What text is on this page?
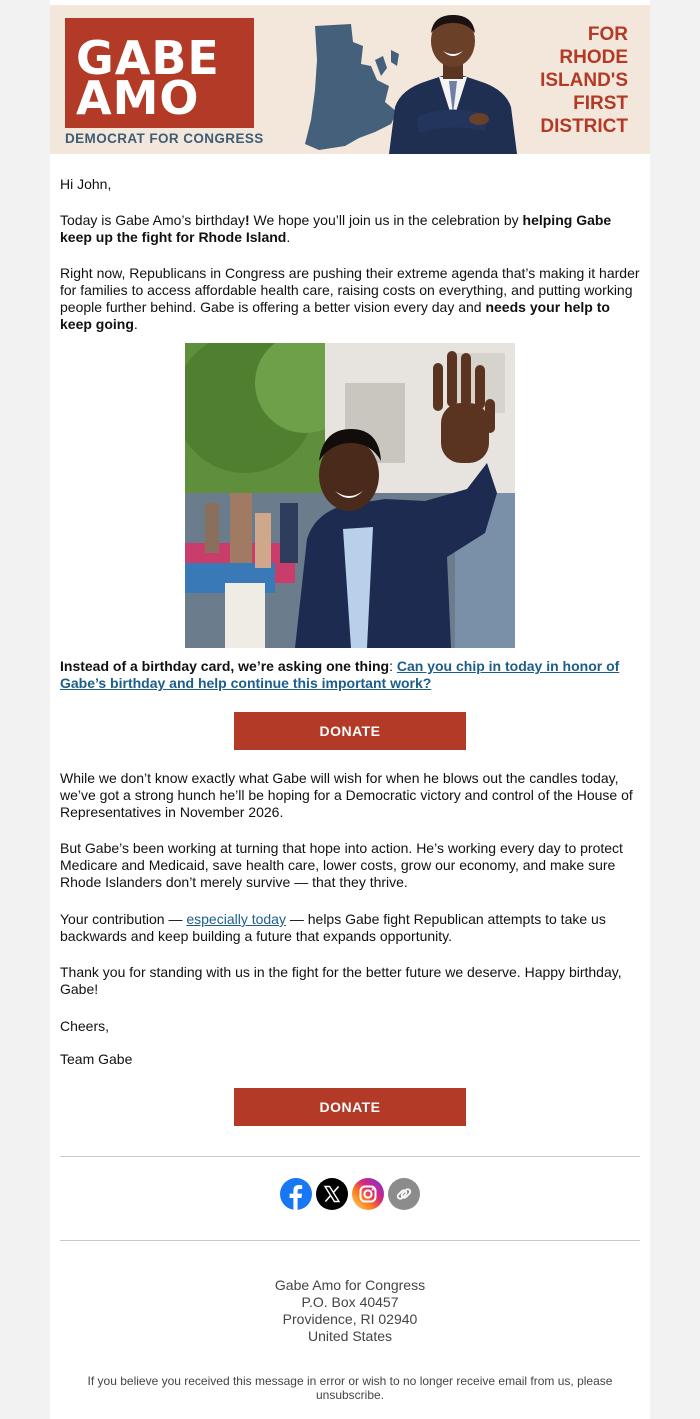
GABE
AMO
DEMOCRAT FOR CONGRESS
FOR
RHODE
ISLAND'S
FIRST
DISTRICT
Hi John,
Today is Gabe Amo’s birthday! We hope you’ll join us in the celebration by helping Gabe keep up the fight for Rhode Island.
Right now, Republicans in Congress are pushing their extreme agenda that’s making it harder for families to access affordable health care, raising costs on everything, and putting working people further behind. Gabe is offering a better vision every day and needs your help to keep going.
Instead of a birthday card, we’re asking one thing: Can you chip in today in honor of Gabe’s birthday and help continue this important work?
DONATE
While we don’t know exactly what Gabe will wish for when he blows out the candles today, we’ve got a strong hunch he’ll be hoping for a Democratic victory and control of the House of Representatives in November 2026.
But Gabe’s been working at turning that hope into action. He’s working every day to protect Medicare and Medicaid, save health care, lower costs, grow our economy, and make sure Rhode Islanders don’t merely survive — that they thrive.
Your contribution — especially today — helps Gabe fight Republican attempts to take us backwards and keep building a future that expands opportunity.
Thank you for standing with us in the fight for the better future we deserve. Happy birthday, Gabe!
Cheers,
Team Gabe
DONATE
Gabe Amo for Congress
P.O. Box 40457
Providence, RI 02940
United States
If you believe you received this message in error or wish to no longer receive email from us, please unsubscribe.
